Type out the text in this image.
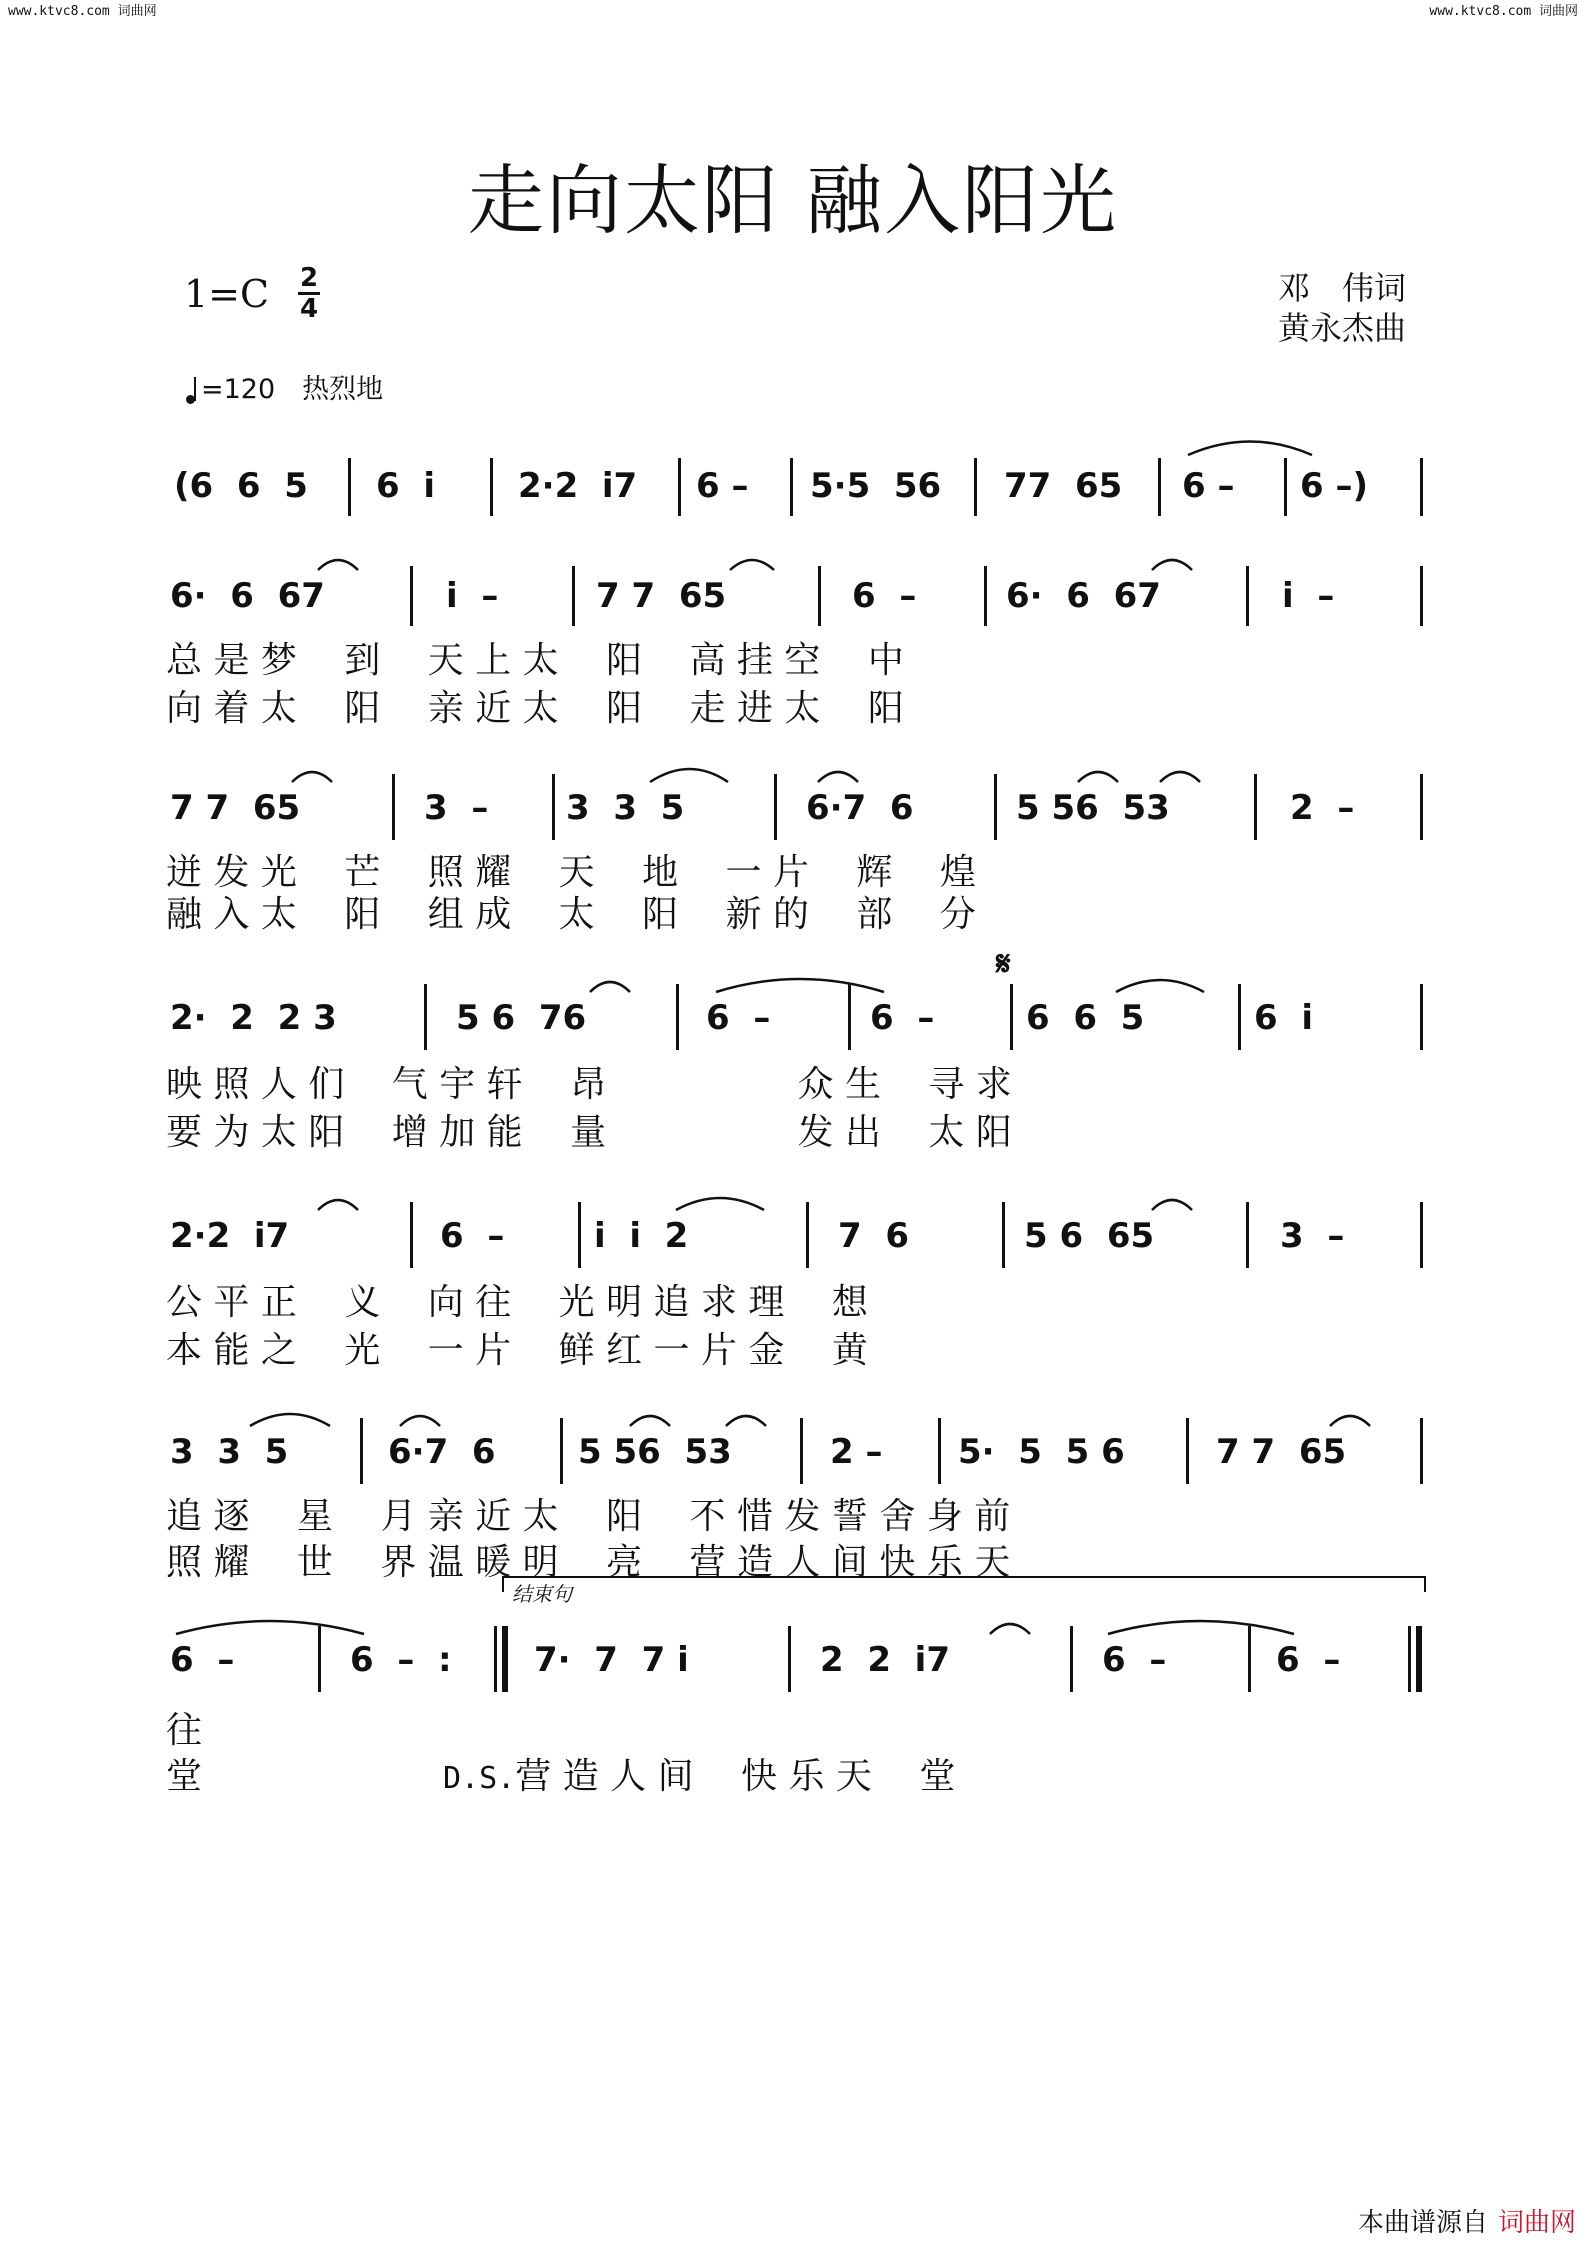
www.ktvc8.com 词曲网	www.ktvc8.com 词曲网
走向太阳 融入阳光
1=C 2
4
邓　伟词
黄永杰曲
=120　热烈地
(6  6  5 6  i 2·2  i7 6 – 5·5  56 77  65 6 – 6 –)
6·  6  67	i  –	7 7  65	6  –	6·  6  67	i  –
总 是 梦　 到　 天 上 太　 阳　 高 挂 空　 中
向 着 太　 阳　 亲 近 太　 阳　 走 进 太　 阳
7 7  65	3  – 3  3  5	6·7  6	5 56  53	2  –
迸 发 光　 芒　 照 耀　 天　 地　 一 片　 辉　 煌
融 入 太　 阳　 组 成　 太　 阳　 新 的　 部　 分
𝄋
2·  2  2 3	5 6  76	6  –	6  –	6  6  5	6  i
映 照 人 们　 气 宇 轩　 昂　　　　　 众 生　 寻 求
要 为 太 阳　 增 加 能　 量　　　　　 发 出　 太 阳
2·2  i7	6  –	i  i  2	7  6	5 6  65	3  –
公 平 正　 义　 向 往　 光 明 追 求 理　 想
本 能 之　 光　 一 片　 鲜 红 一 片 金　 黄
3  3  5	6·7  6 5 56  53	2 – 5·  5  5 6	7 7  65
追 逐　 星　 月 亲 近 太　 阳　 不 惜 发 誓 舍 身 前
照 耀　 世　 界 温 暖 明　 亮　 营 造 人 间 快 乐 天
结束句
6  –	6  –  : 7·  7  7 i	2  2  i7	6  –	6  –
往
堂	D.S.营 造 人 间　 快 乐 天　 堂
本曲谱源自 词曲网
